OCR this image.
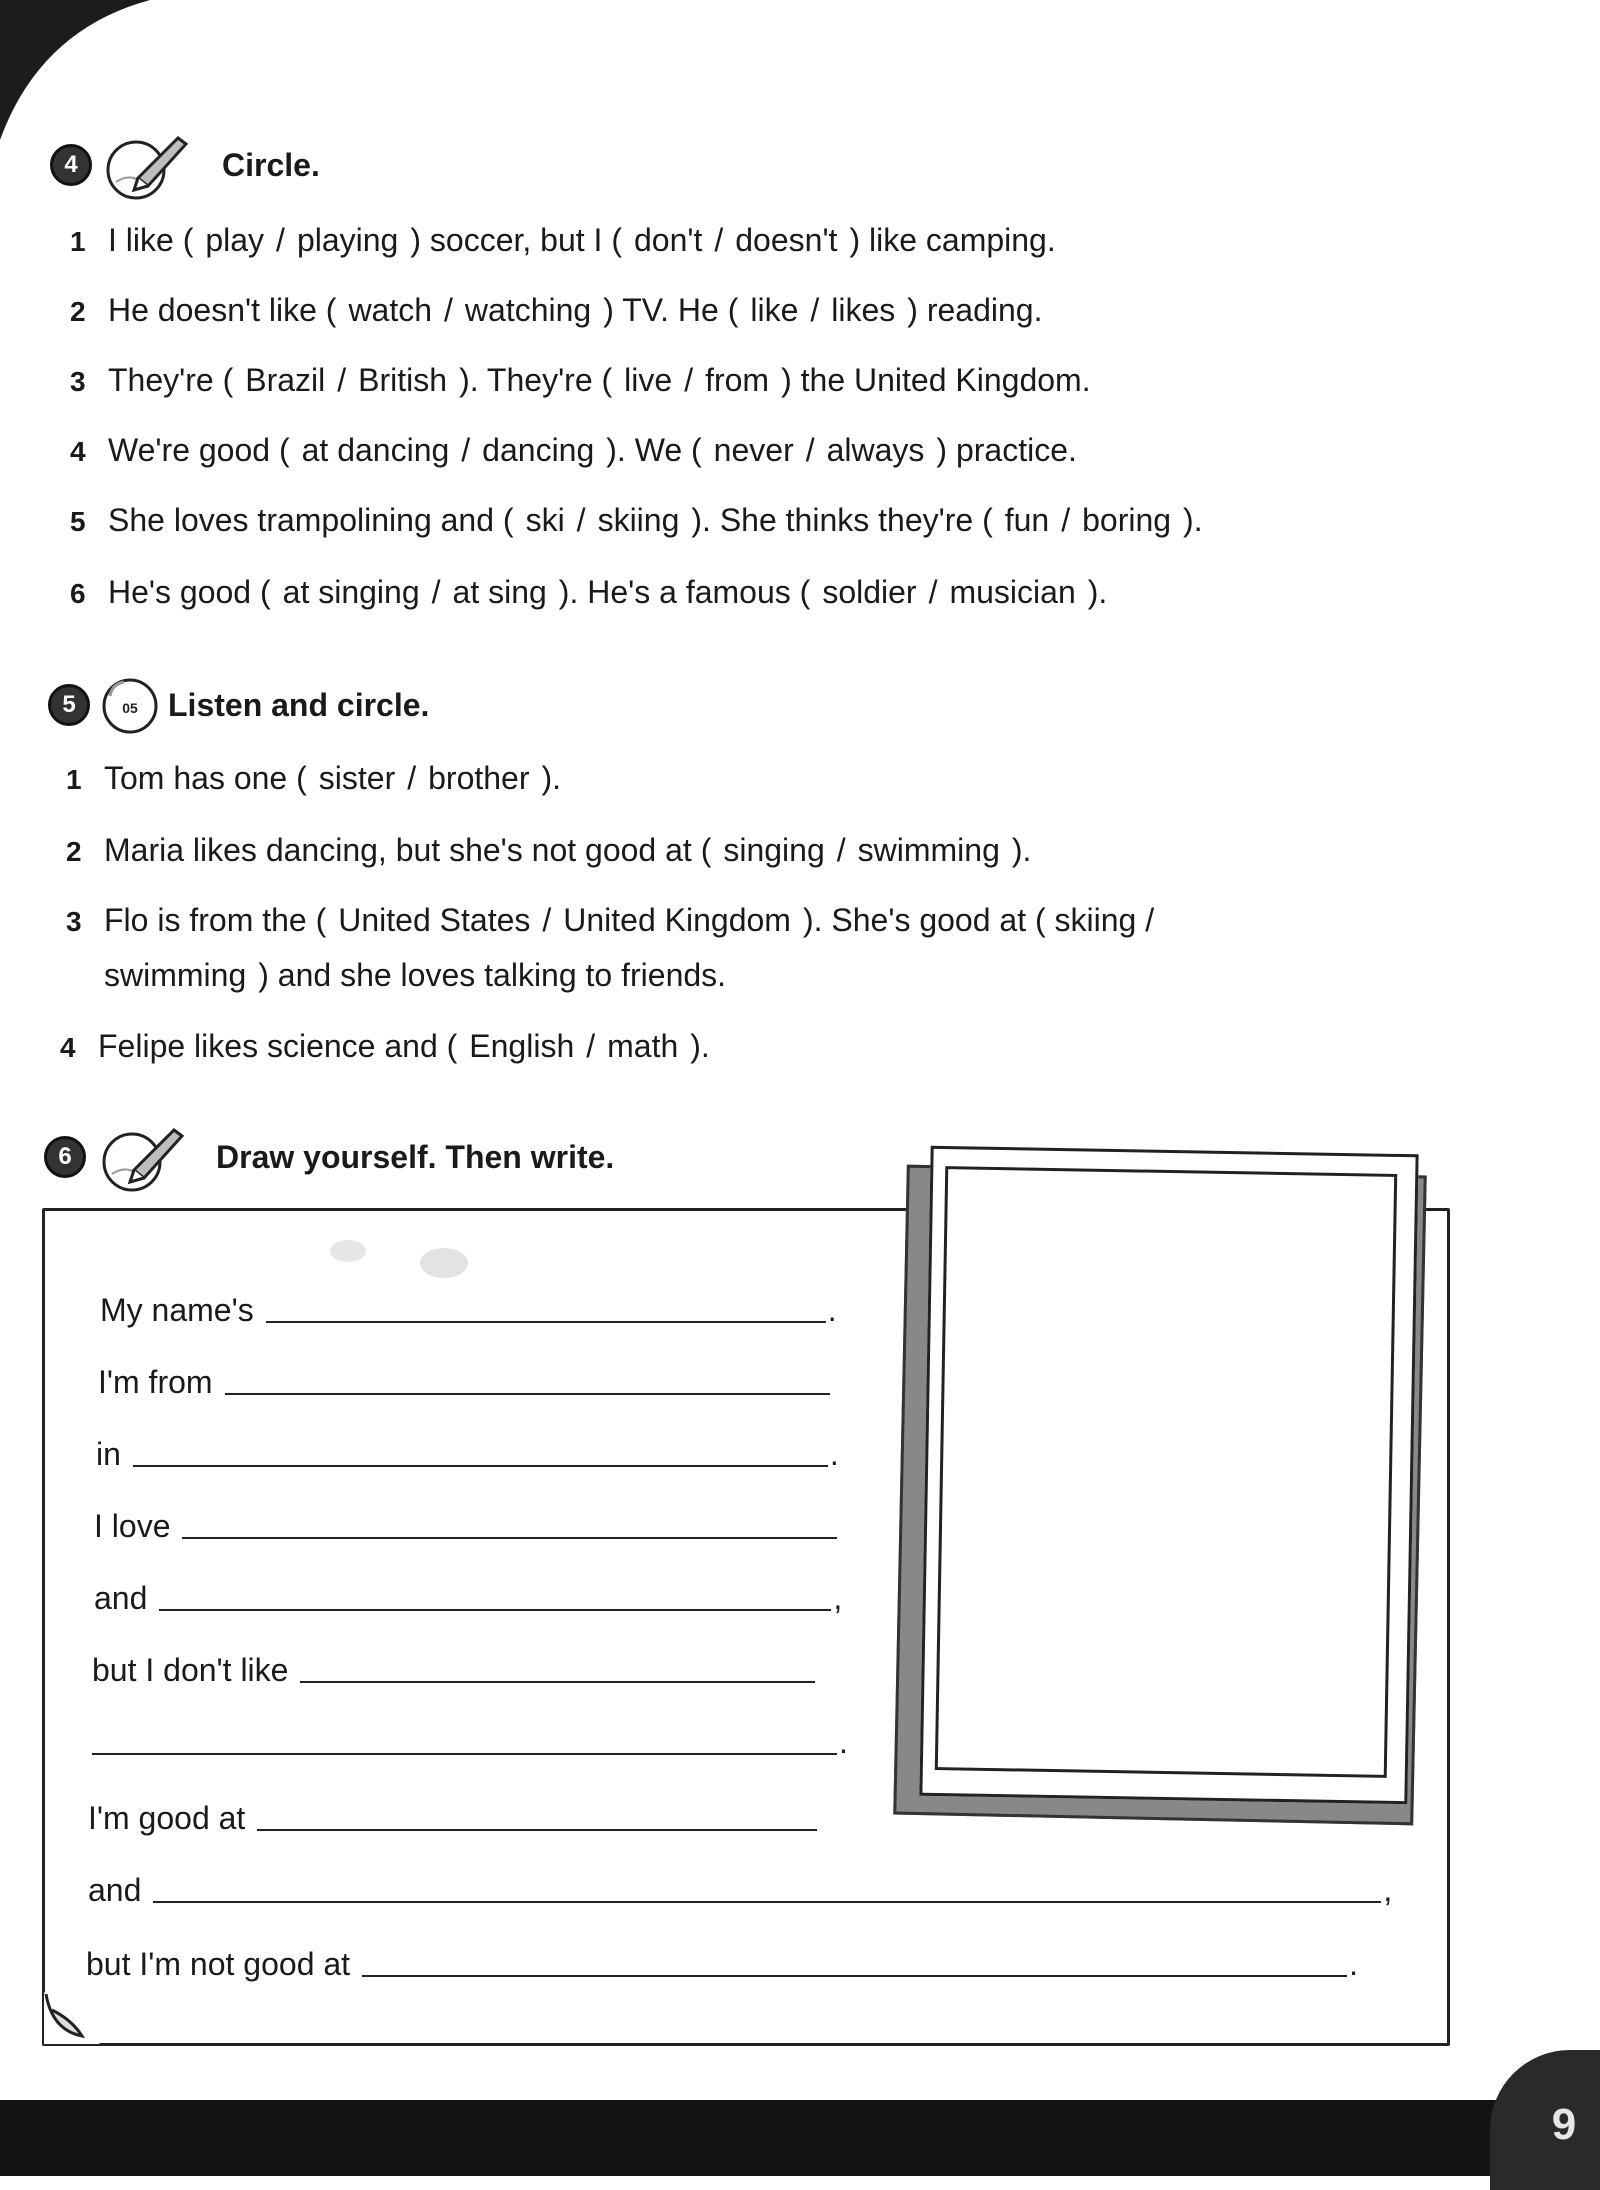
9
4	Circle.
1 I like ( play / playing ) soccer, but I ( don't / doesn't ) like camping.
2 He doesn't like ( watch / watching ) TV. He ( like / likes ) reading.
3 They're ( Brazil / British ). They're ( live / from ) the United Kingdom.
4 We're good ( at dancing / dancing ). We ( never / always ) practice.
5 She loves trampolining and ( ski / skiing ). She thinks they're ( fun / boring ).
6 He's good ( at singing / at sing ). He's a famous ( soldier / musician ).
5	05 Listen and circle.
1 Tom has one ( sister / brother ).
2 Maria likes dancing, but she's not good at ( singing / swimming ).
3 Flo is from the ( United States / United Kingdom ). She's good at ( skiing /
swimming ) and she loves talking to friends.
4 Felipe likes science and ( English / math ).
6	Draw yourself. Then write.
My name's	.
I'm from
in	.
I love
and	,
but I don't like
.
I'm good at
and	,
but I'm not good at	.
